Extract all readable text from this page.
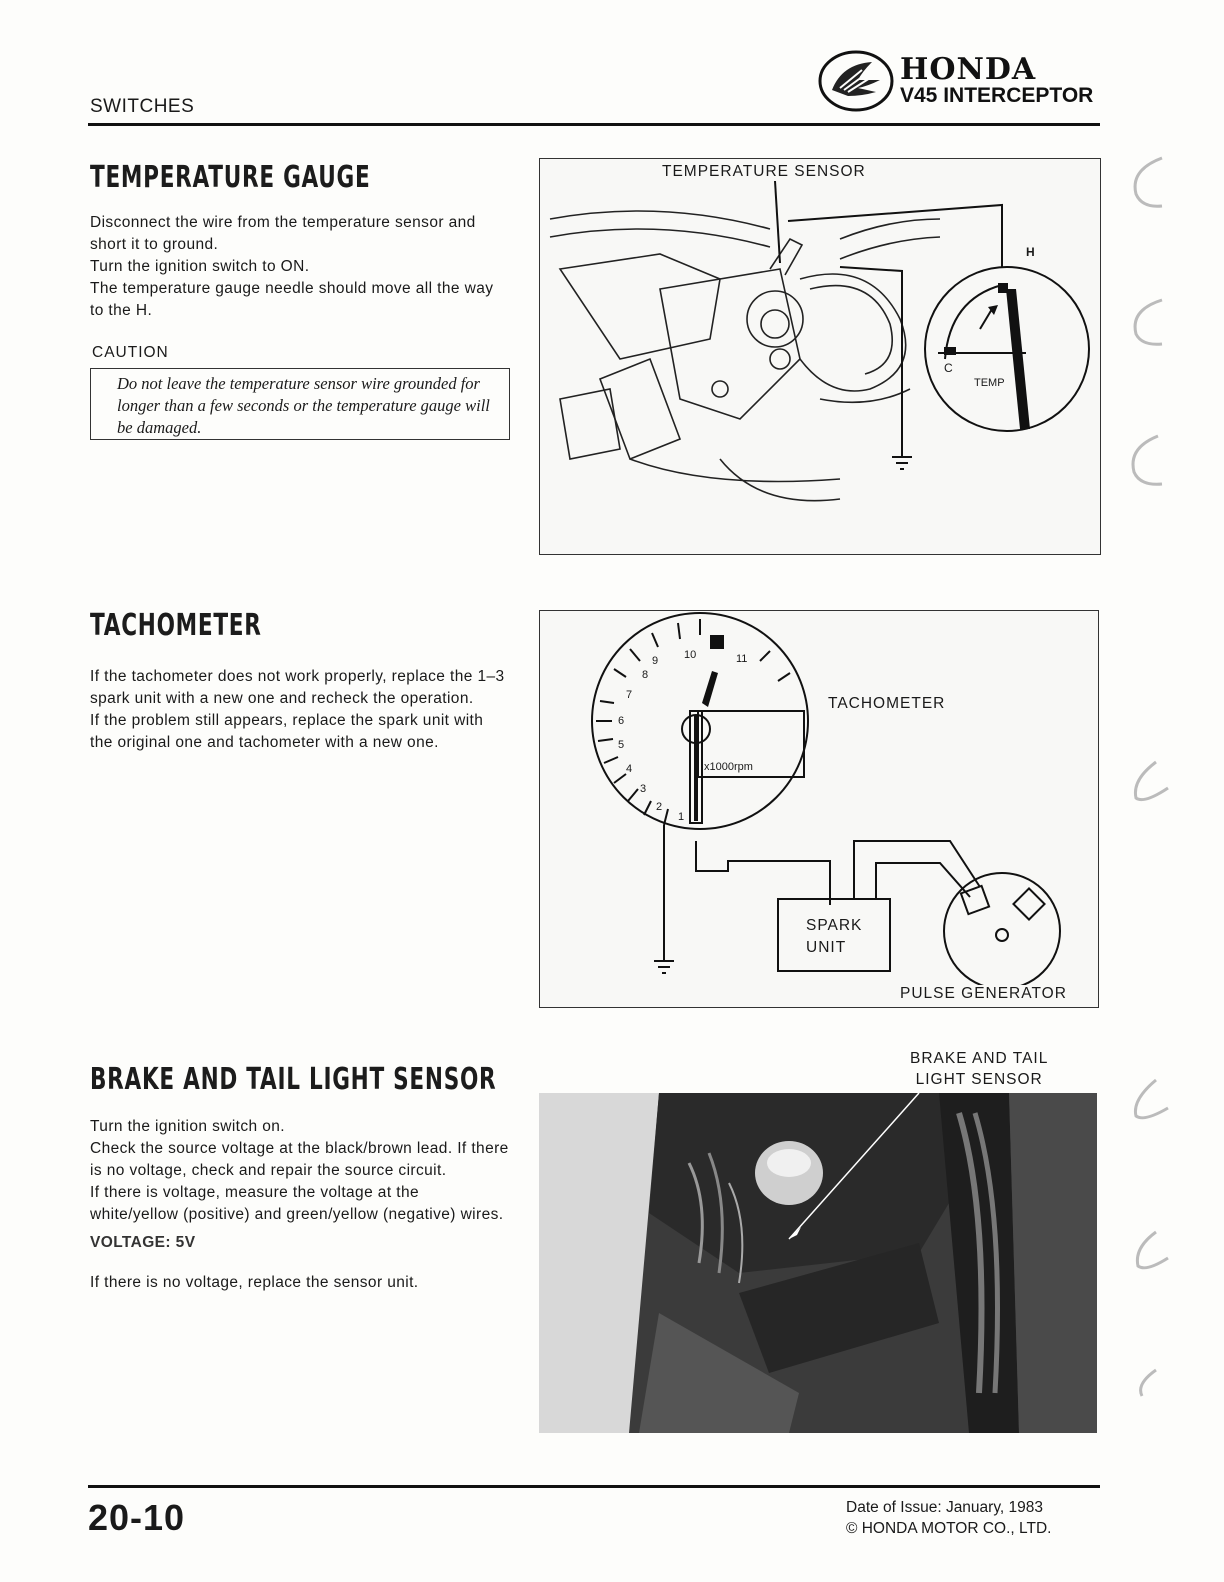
SWITCHES
HONDA
V45 INTERCEPTOR
TEMPERATURE GAUGE

Disconnect the wire from the temperature sensor and short it to ground.

Turn the ignition switch to ON.

The temperature gauge needle should move all the way to the H.

CAUTION
Do not leave the temperature sensor wire grounded for longer than a few seconds or the temperature gauge will be damaged.
TEMPERATURE SENSOR
H
C
TEMP
TACHOMETER

If the tachometer does not work properly, replace the 1–3 spark unit with a new one and recheck the operation.

If the problem still appears, replace the spark unit with the original one and tachometer with a new one.

9 10	11
8
7
6
5
4
3
2
1
x1000rpm
TACHOMETER
SPARK
UNIT
PULSE GENERATOR
BRAKE AND TAIL LIGHT SENSOR

Turn the ignition switch on.

Check the source voltage at the black/brown lead. If there is no voltage, check and repair the source circuit.

If there is voltage, measure the voltage at the white/yellow (positive) and green/yellow (negative) wires.

VOLTAGE: 5V

If there is no voltage, replace the sensor unit.

BRAKE AND TAIL
LIGHT SENSOR
20-10	Date of Issue: January, 1983
© HONDA MOTOR CO., LTD.
